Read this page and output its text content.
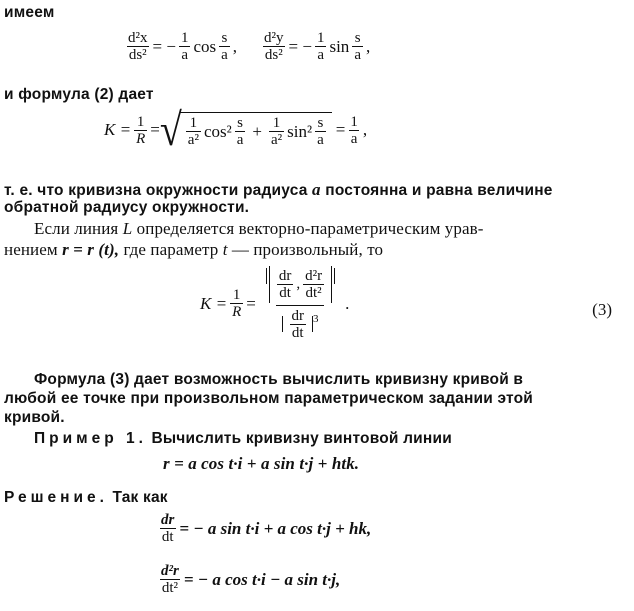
имеем
$\frac{\text{d²x}}{\text{ds²}}$ = − $\frac{1}{a}$ $\cos \frac{s}{a}$ , $\frac{\text{d²y}}{\text{ds²}}$ = − $\frac{1}{a}$ $\sin \frac{s}{a}$ ,
и формула (2) дает
$K = \frac{1}{R}$ = √ $\frac{1}{\text{a²}} \cos^2 \frac{s}{a} + \frac{1}{\text{a²}} \sin^2 \frac{s}{a} = \frac{1}{a}$ ,
т. е. что кривизна окружности радиуса a постоянна и равна величине
обратной радиусу окружности.
Если линия L определяется векторно-параметрическим урав-
нением r = r (t), где параметр t — произвольный, то
$K = \frac{1}{R} = \frac{\frac{dr}{dt} , \frac{\text{d²r}}{\text{dt²}}}{\frac{dr}{dt} ^3}$ .	(3)
Формула (3) дает возможность вычислить кривизну кривой в
любой ее точке при произвольном параметрическом задании этой
кривой.
Пример 1. Вычислить кривизну винтовой линии
r = a cos t·i + a sin t·j + htk.
Решение. Так как
$\frac{dr}{dt}$ = − a sin t·i + a cos t·j + hk,
$\frac{\text{d²r}}{\text{dt²}}$ = − a cos t·i − a sin t·j,
